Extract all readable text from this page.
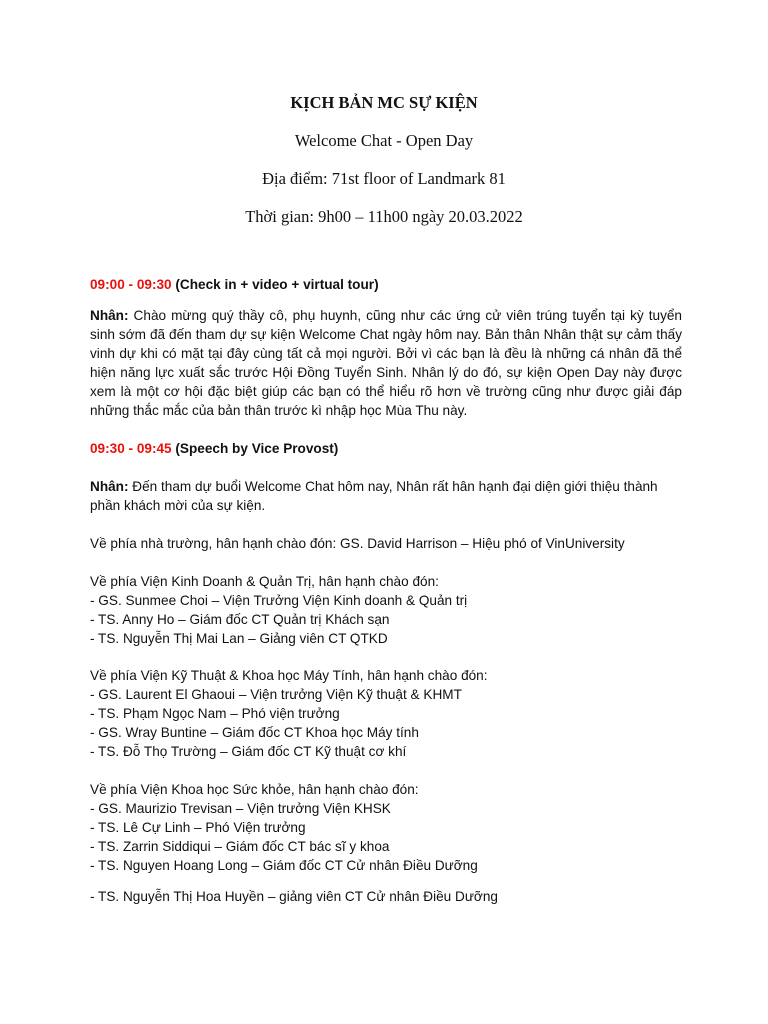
KỊCH BẢN MC SỰ KIỆN
Welcome Chat - Open Day
Địa điểm: 71st floor of Landmark 81
Thời gian: 9h00 – 11h00 ngày 20.03.2022
09:00 - 09:30 (Check in + video + virtual tour)
Nhân: Chào mừng quý thầy cô, phụ huynh, cũng như các ứng cử viên trúng tuyển tại kỳ tuyển sinh sớm đã đến tham dự sự kiện Welcome Chat ngày hôm nay. Bản thân Nhân thật sự cảm thấy vinh dự khi có mặt tại đây cùng tất cả mọi người. Bởi vì các bạn là đều là những cá nhân đã thể hiện năng lực xuất sắc trước Hội Đồng Tuyển Sinh. Nhân lý do đó, sự kiện Open Day này được xem là một cơ hội đặc biệt giúp các bạn có thể hiểu rõ hơn về trường cũng như được giải đáp những thắc mắc của bản thân trước kì nhập học Mùa Thu này.
09:30 - 09:45 (Speech by Vice Provost)
Nhân: Đến tham dự buổi Welcome Chat hôm nay, Nhân rất hân hạnh đại diện giới thiệu thành phần khách mời của sự kiện.
Về phía nhà trường, hân hạnh chào đón: GS. David Harrison – Hiệu phó of VinUniversity
Về phía Viện Kinh Doanh & Quản Trị, hân hạnh chào đón:
- GS. Sunmee Choi – Viện Trưởng Viện Kinh doanh & Quản trị
- TS. Anny Ho – Giám đốc CT Quản trị Khách sạn
- TS. Nguyễn Thị Mai Lan – Giảng viên CT QTKD
Về phía Viện Kỹ Thuật & Khoa học Máy Tính, hân hạnh chào đón:
- GS. Laurent El Ghaoui – Viện trưởng Viện Kỹ thuật & KHMT
- TS. Phạm Ngọc Nam – Phó viện trưởng
- GS. Wray Buntine – Giám đốc CT Khoa học Máy tính
- TS. Đỗ Thọ Trường – Giám đốc CT Kỹ thuật cơ khí
Về phía Viện Khoa học Sức khỏe, hân hạnh chào đón:
- GS. Maurizio Trevisan – Viện trưởng Viện KHSK
- TS. Lê Cự Linh – Phó Viện trưởng
- TS. Zarrin Siddiqui – Giám đốc CT bác sĩ y khoa
- TS. Nguyen Hoang Long – Giám đốc CT Cử nhân Điều Dưỡng
- TS. Nguyễn Thị Hoa Huyền – giảng viên CT Cử nhân Điều Dưỡng
